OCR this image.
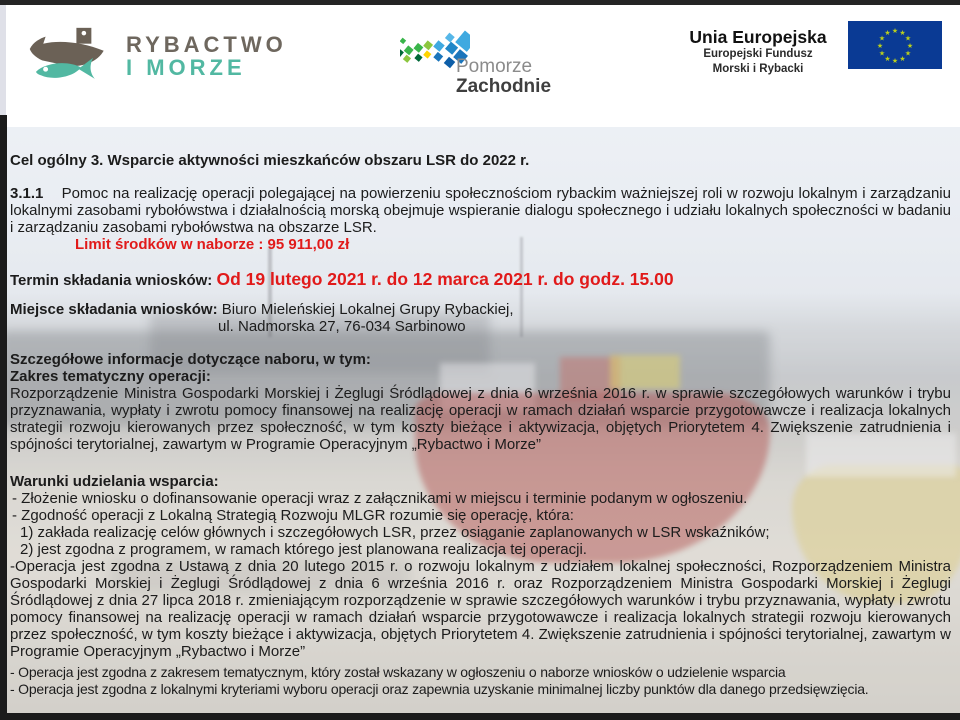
RYBACTWO
I MORZE	Pomorze
Zachodnie
Unia Europejska
Europejski Fundusz
Morski i Rybacki
★ ★
★
★
★
★
★
★
★
★
★
★
Cel ogólny 3. Wsparcie aktywności mieszkańców obszaru LSR do 2022 r.
3.1.1 Pomoc na realizację operacji polegającej na powierzeniu społecznościom rybackim ważniejszej roli w rozwoju lokalnym i zarządzaniu lokalnymi zasobami rybołówstwa i działalnością morską obejmuje wspieranie dialogu społecznego i udziału lokalnych społeczności w badaniu i zarządzaniu zasobami rybołówstwa na obszarze LSR.
Limit środków w naborze : 95 911,00 zł
Termin składania wniosków: Od 19 lutego 2021 r. do 12 marca 2021 r. do godz. 15.00
Miejsce składania wniosków: Biuro Mieleńskiej Lokalnej Grupy Rybackiej,
ul. Nadmorska 27, 76-034 Sarbinowo
Szczegółowe informacje dotyczące naboru, w tym:
Zakres tematyczny operacji:
Rozporządzenie Ministra Gospodarki Morskiej i Żeglugi Śródlądowej z dnia 6 września 2016 r. w sprawie szczegółowych warunków i trybu przyznawania, wypłaty i zwrotu pomocy finansowej na realizację operacji w ramach działań wsparcie przygotowawcze i realizacja lokalnych strategii rozwoju kierowanych przez społeczność, w tym koszty bieżące i aktywizacja, objętych Priorytetem 4. Zwiększenie zatrudnienia i spójności terytorialnej, zawartym w Programie Operacyjnym „Rybactwo i Morze”
Warunki udzielania wsparcia:
- Złożenie wniosku o dofinansowanie operacji wraz z załącznikami w miejscu i terminie podanym w ogłoszeniu.
- Zgodność operacji z Lokalną Strategią Rozwoju MLGR rozumie się operację, która:
1) zakłada realizację celów głównych i szczegółowych LSR, przez osiąganie zaplanowanych w LSR wskaźników;
2) jest zgodna z programem, w ramach którego jest planowana realizacja tej operacji.
-Operacja jest zgodna z Ustawą z dnia 20 lutego 2015 r. o rozwoju lokalnym z udziałem lokalnej społeczności, Rozporządzeniem Ministra Gospodarki Morskiej i Żeglugi Śródlądowej z dnia 6 września 2016 r. oraz Rozporządzeniem Ministra Gospodarki Morskiej i Żeglugi Śródlądowej z dnia 27 lipca 2018 r. zmieniającym rozporządzenie w sprawie szczegółowych warunków i trybu przyznawania, wypłaty i zwrotu pomocy finansowej na realizację operacji w ramach działań wsparcie przygotowawcze i realizacja lokalnych strategii rozwoju kierowanych przez społeczność, w tym koszty bieżące i aktywizacja, objętych Priorytetem 4. Zwiększenie zatrudnienia i spójności terytorialnej, zawartym w Programie Operacyjnym „Rybactwo i Morze”
- Operacja jest zgodna z zakresem tematycznym, który został wskazany w ogłoszeniu o naborze wniosków o udzielenie wsparcia
- Operacja jest zgodna z lokalnymi kryteriami wyboru operacji oraz zapewnia uzyskanie minimalnej liczby punktów dla danego przedsięwzięcia.
